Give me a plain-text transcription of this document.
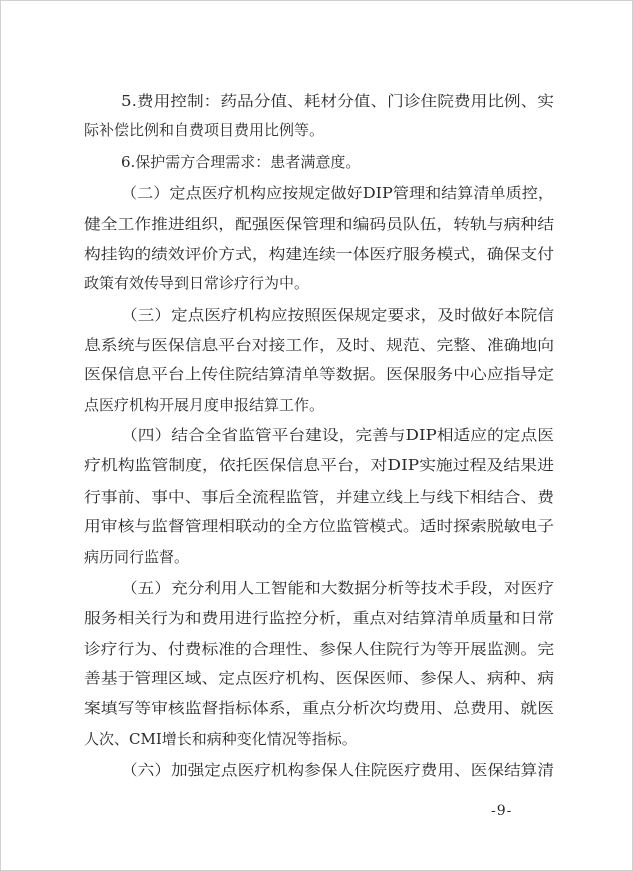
5.费用控制：药品分值、耗材分值、门诊住院费用比例、实
际补偿比例和自费项目费用比例等。
6.保护需方合理需求：患者满意度。
（二）定点医疗机构应按规定做好DIP管理和结算清单质控，
健全工作推进组织，配强医保管理和编码员队伍，转轨与病种结
构挂钩的绩效评价方式，构建连续一体医疗服务模式，确保支付
政策有效传导到日常诊疗行为中。
（三）定点医疗机构应按照医保规定要求，及时做好本院信
息系统与医保信息平台对接工作，及时、规范、完整、准确地向
医保信息平台上传住院结算清单等数据。医保服务中心应指导定
点医疗机构开展月度申报结算工作。
（四）结合全省监管平台建设，完善与DIP相适应的定点医
疗机构监管制度，依托医保信息平台，对DIP实施过程及结果进
行事前、事中、事后全流程监管，并建立线上与线下相结合、费
用审核与监督管理相联动的全方位监管模式。适时探索脱敏电子
病历同行监督。
（五）充分利用人工智能和大数据分析等技术手段，对医疗
服务相关行为和费用进行监控分析，重点对结算清单质量和日常
诊疗行为、付费标准的合理性、参保人住院行为等开展监测。完
善基于管理区域、定点医疗机构、医保医师、参保人、病种、病
案填写等审核监督指标体系，重点分析次均费用、总费用、就医
人次、CMI增长和病种变化情况等指标。
（六）加强定点医疗机构参保人住院医疗费用、医保结算清
-9-
